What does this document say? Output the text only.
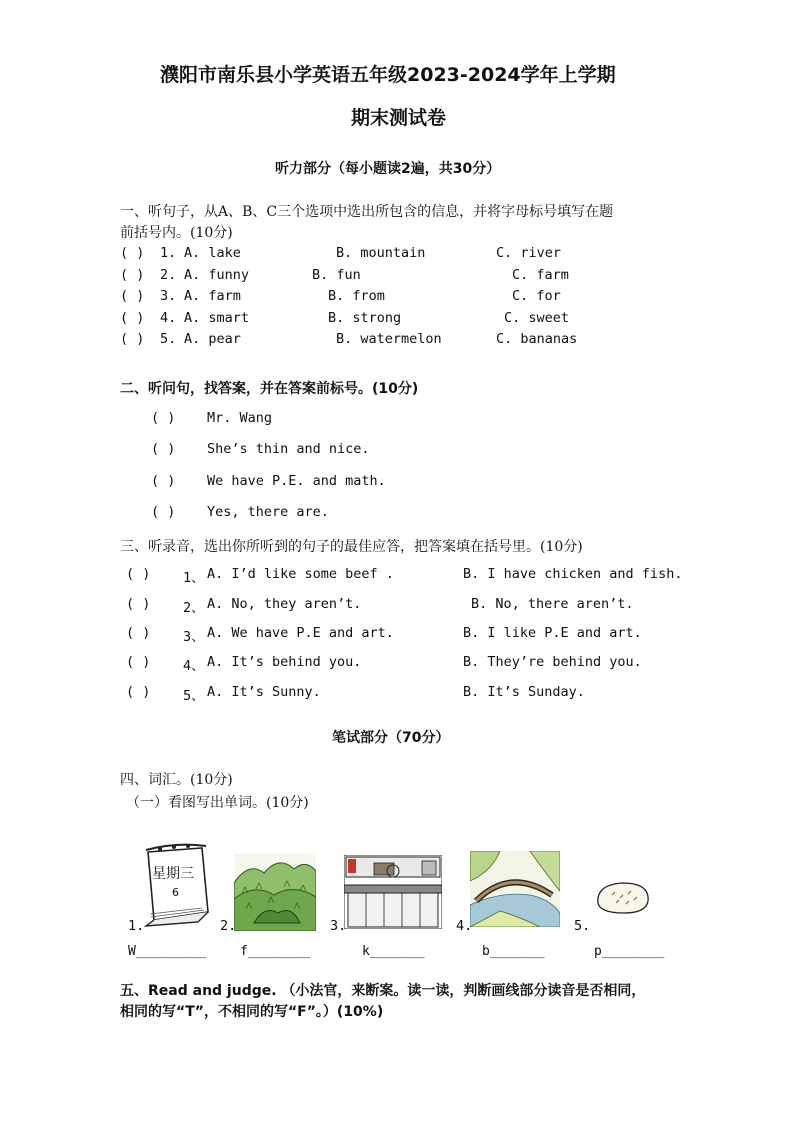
濮阳市南乐县小学英语五年级2023-2024学年上学期
期末测试卷
听力部分（每小题读2遍，共30分）
一、听句子，从A、B、C三个选项中选出所包含的信息，并将字母标号填写在题
前括号内。(10分)
( ) 1. A. lake	B. mountain	C. river
( ) 2. A. funny	B. fun	C. farm
( ) 3. A. farm	B. from	C. for
( ) 4. A. smart	B. strong	C. sweet
( ) 5. A. pear	B. watermelon	C. bananas
二、听问句，找答案，并在答案前标号。(10分)
( ) Mr. Wang
( ) She’s thin and nice.
( ) We have P.E. and math.
( ) Yes, there are.
三、听录音，选出你所听到的句子的最佳应答，把答案填在括号里。(10分)
( ) 1、 A. I’d like some beef .	B. I have chicken and fish.
( ) 2、 A. No, they aren’t.	B. No, there aren’t.
( ) 3、 A. We have P.E and art.	B. I like P.E and art.
( ) 4、 A. It’s behind you.	B. They’re behind you.
( ) 5、 A. It’s Sunny.	B. It’s Sunday.
笔试部分（70分）
四、词汇。(10分)
（一）看图写出单词。(10分)
星期三
6
1.
W_________
2.
f________
3.
k_______
4.
b_______
5.
p________
五、Read and judge. （小法官，来断案。读一读，判断画线部分读音是否相同，
相同的写“T”，不相同的写“F”。）(10%)
